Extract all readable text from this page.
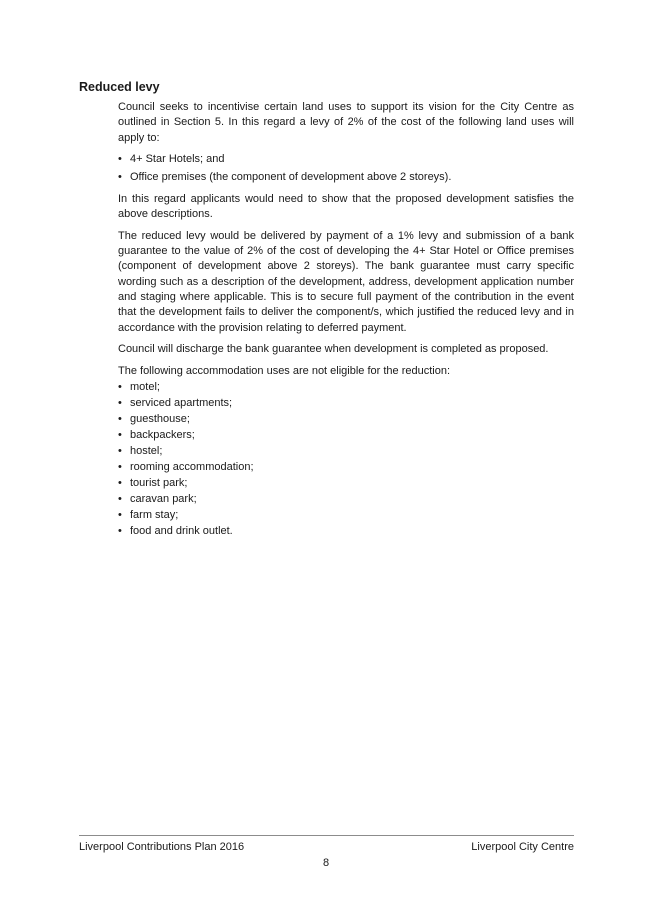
Reduced levy

Council seeks to incentivise certain land uses to support its vision for the City Centre as outlined in Section 5. In this regard a levy of 2% of the cost of the following land uses will apply to:

• 4+ Star Hotels; and
• Office premises (the component of development above 2 storeys).

In this regard applicants would need to show that the proposed development satisfies the above descriptions.

The reduced levy would be delivered by payment of a 1% levy and submission of a bank guarantee to the value of 2% of the cost of developing the 4+ Star Hotel or Office premises (component of development above 2 storeys). The bank guarantee must carry specific wording such as a description of the development, address, development application number and staging where applicable. This is to secure full payment of the contribution in the event that the development fails to deliver the component/s, which justified the reduced levy and in accordance with the provision relating to deferred payment.

Council will discharge the bank guarantee when development is completed as proposed.

The following accommodation uses are not eligible for the reduction:

• motel;
• serviced apartments;
• guesthouse;
• backpackers;
• hostel;
• rooming accommodation;
• tourist park;
• caravan park;
• farm stay;
• food and drink outlet.
Liverpool Contributions Plan 2016	Liverpool City Centre
8
